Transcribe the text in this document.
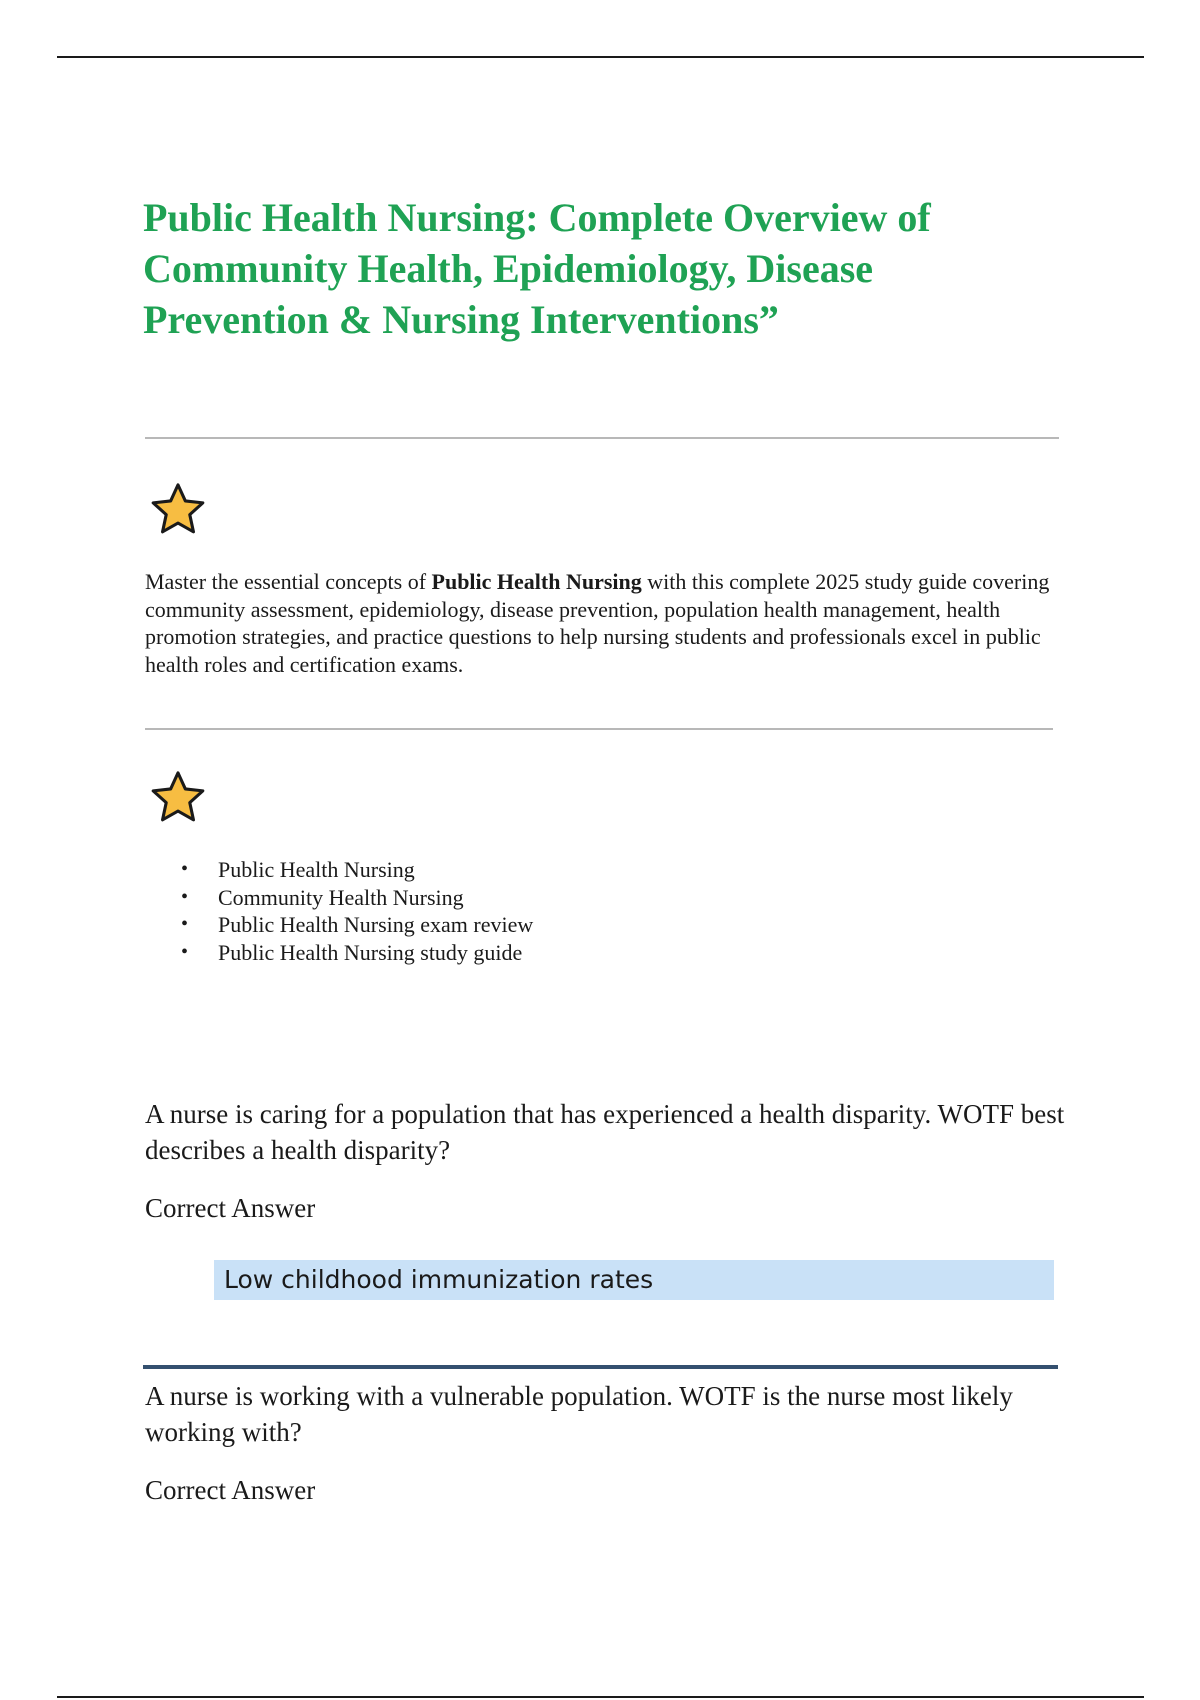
Public Health Nursing: Complete Overview of Community Health, Epidemiology, Disease Prevention & Nursing Interventions”

Master the essential concepts of Public Health Nursing with this complete 2025 study guide covering community assessment, epidemiology, disease prevention, population health management, health promotion strategies, and practice questions to help nursing students and professionals excel in public health roles and certification exams.

• Public Health Nursing
• Community Health Nursing
• Public Health Nursing exam review
• Public Health Nursing study guide

A nurse is caring for a population that has experienced a health disparity. WOTF best describes a health disparity?

Correct Answer

Low childhood immunization rates

A nurse is working with a vulnerable population. WOTF is the nurse most likely working with?

Correct Answer
